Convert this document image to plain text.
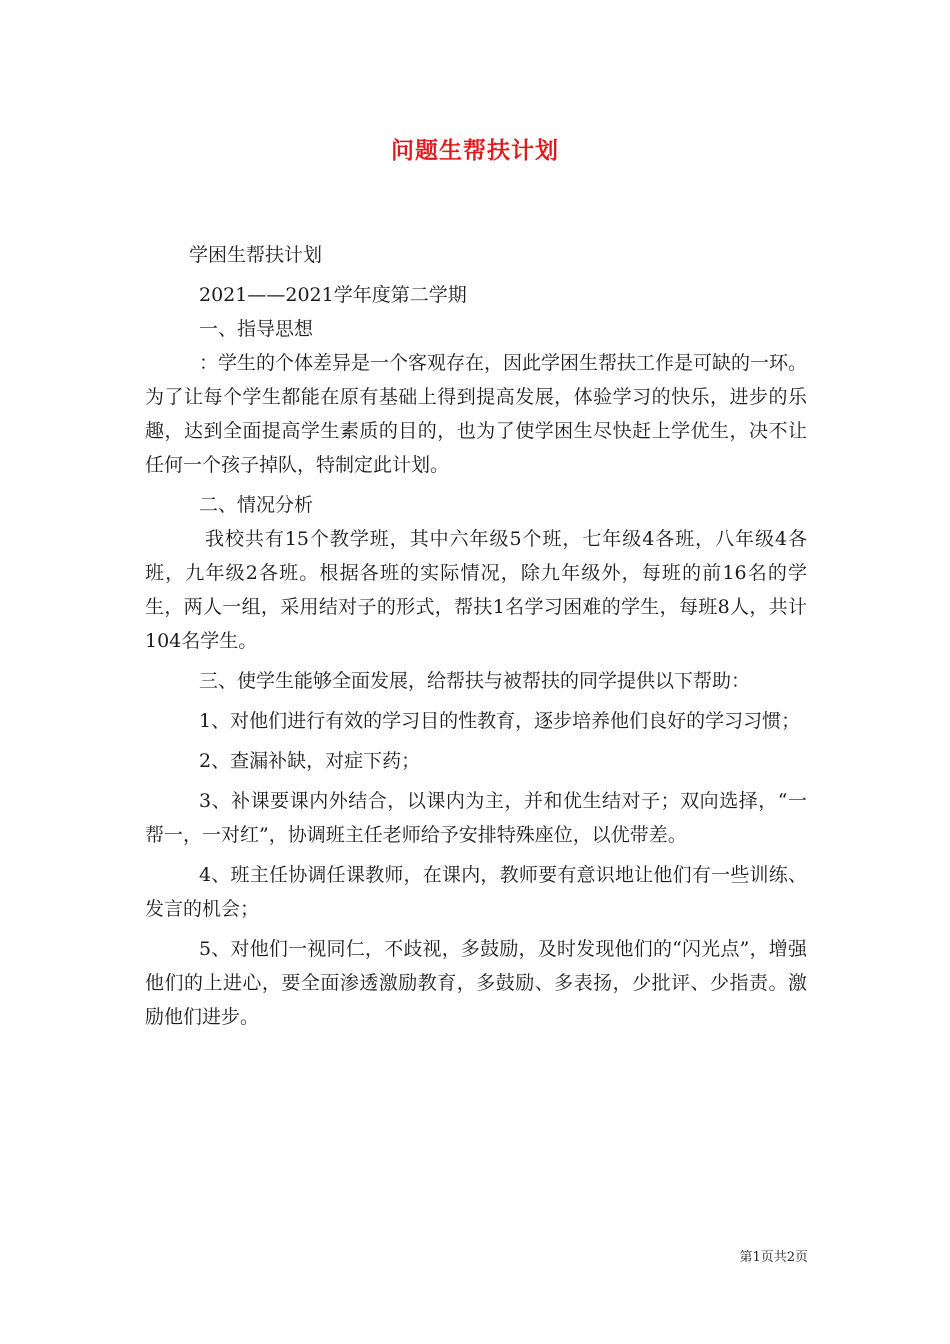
问题生帮扶计划
学困生帮扶计划
2021——2021学年度第二学期
一、指导思想

：学生的个体差异是一个客观存在，因此学困生帮扶工作是可缺的一环。为了让每个学生都能在原有基础上得到提高发展，体验学习的快乐，进步的乐趣，达到全面提高学生素质的目的，也为了使学困生尽快赶上学优生，决不让任何一个孩子掉队，特制定此计划。

二、情况分析

我校共有15个教学班，其中六年级5个班，七年级4各班，八年级4各班，九年级2各班。根据各班的实际情况，除九年级外，每班的前16名的学生，两人一组，采用结对子的形式，帮扶1名学习困难的学生，每班8人，共计104名学生。

三、使学生能够全面发展，给帮扶与被帮扶的同学提供以下帮助：

1、对他们进行有效的学习目的性教育，逐步培养他们良好的学习习惯；

2、查漏补缺，对症下药；

3、补课要课内外结合，以课内为主，并和优生结对子；双向选择，“一帮一，一对红”，协调班主任老师给予安排特殊座位，以优带差。

4、班主任协调任课教师，在课内，教师要有意识地让他们有一些训练、发言的机会；

5、对他们一视同仁，不歧视，多鼓励，及时发现他们的“闪光点”，增强他们的上进心，要全面渗透激励教育，多鼓励、多表扬，少批评、少指责。激励他们进步。

第1页共2页
